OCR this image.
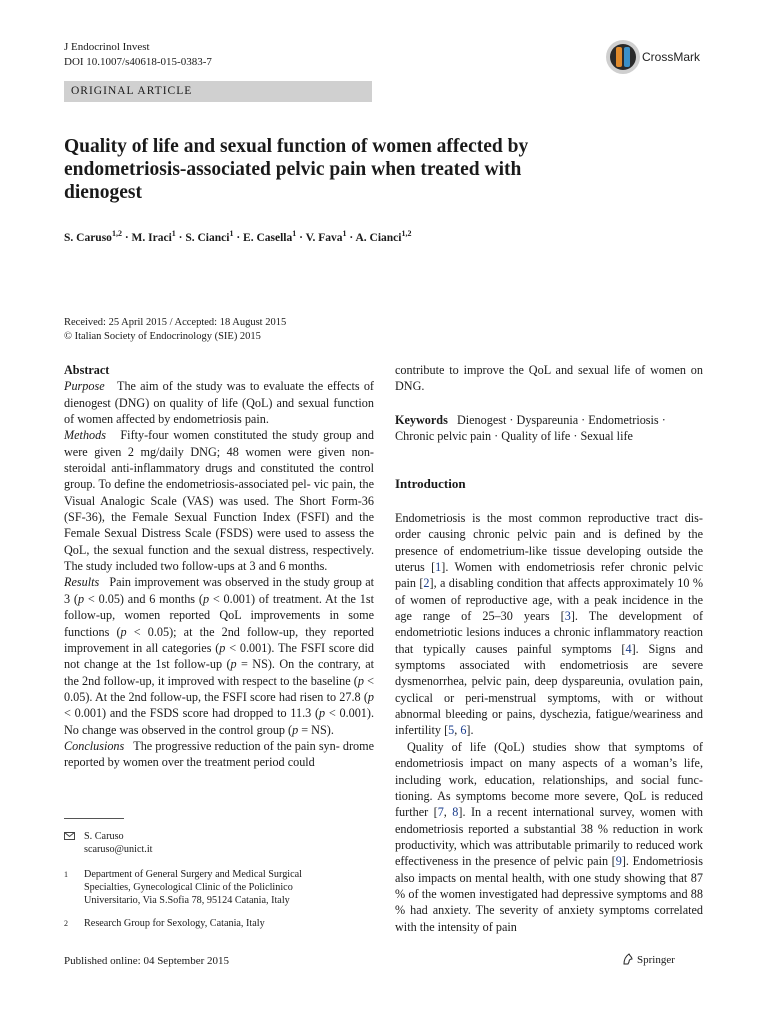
J Endocrinol Invest
DOI 10.1007/s40618-015-0383-7	CrossMark
ORIGINAL ARTICLE
Quality of life and sexual function of women affected by endometriosis-associated pelvic pain when treated with dienogest
S. Caruso$^{1,2}$ · M. Iraci$^1$ · S. Cianci$^1$ · E. Casella$^1$ · V. Fava$^1$ · A. Cianci$^{1,2}$
Received: 25 April 2015 / Accepted: 18 August 2015
© Italian Society of Endocrinology (SIE) 2015

Abstract

Purpose The aim of the study was to evaluate the effects of dienogest (DNG) on quality of life (QoL) and sexual function of women affected by endometriosis pain.

Methods Fifty-four women constituted the study group and were given 2 mg/daily DNG; 48 women were given non-steroidal anti-inflammatory drugs and constituted the control group. To define the endometriosis-associated pel- vic pain, the Visual Analogic Scale (VAS) was used. The Short Form-36 (SF-36), the Female Sexual Function Index (FSFI) and the Female Sexual Distress Scale (FSDS) were used to assess the QoL, the sexual function and the sexual distress, respectively. The study included two follow-ups at 3 and 6 months.

Results Pain improvement was observed in the study group at 3 (p < 0.05) and 6 months (p < 0.001) of treatment. At the 1st follow-up, women reported QoL improvements in some functions (p < 0.05); at the 2nd follow-up, they reported improvement in all categories (p < 0.001). The FSFI score did not change at the 1st follow-up (p = NS). On the contrary, at the 2nd follow-up, it improved with respect to the baseline (p < 0.05). At the 2nd follow-up, the FSFI score had risen to 27.8 (p < 0.001) and the FSDS score had dropped to 11.3 (p < 0.001). No change was observed in the control group (p = NS).

Conclusions The progressive reduction of the pain syn- drome reported by women over the treatment period could

S. Caruso
scaruso@unict.it
1	Department of General Surgery and Medical Surgical Specialties, Gynecological Clinic of the Policlinico Universitario, Via S.Sofia 78, 95124 Catania, Italy
2	Research Group for Sexology, Catania, Italy

contribute to improve the QoL and sexual life of women on DNG.

Keywords Dienogest · Dyspareunia · Endometriosis ·

Chronic pelvic pain · Quality of life · Sexual life

Introduction

Endometriosis is the most common reproductive tract dis- order causing chronic pelvic pain and is defined by the presence of endometrium-like tissue developing outside the uterus [1]. Women with endometriosis refer chronic pelvic pain [2], a disabling condition that affects approximately 10 % of women of reproductive age, with a peak incidence in the age range of 25–30 years [3]. The development of endometriotic lesions induces a chronic inflammatory reaction that typically causes painful symptoms [4]. Signs and symptoms associated with endometriosis are severe dysmenorrhea, pelvic pain, deep dyspareunia, ovulation pain, cyclical or peri-menstrual symptoms, with or without abnormal bleeding or pains, dyschezia, fatigue/weariness and infertility [5, 6].

Quality of life (QoL) studies show that symptoms of endometriosis impact on many aspects of a woman’s life, including work, education, relationships, and social func- tioning. As symptoms become more severe, QoL is reduced further [7, 8]. In a recent international survey, women with endometriosis reported a substantial 38 % reduction in work productivity, which was attributable primarily to reduced work effectiveness in the presence of pelvic pain [9]. Endometriosis also impacts on mental health, with one study showing that 87 % of the women investigated had depressive symptoms and 88 % had anxiety. The severity of anxiety symptoms correlated with the intensity of pain

Published online: 04 September 2015	Springer
